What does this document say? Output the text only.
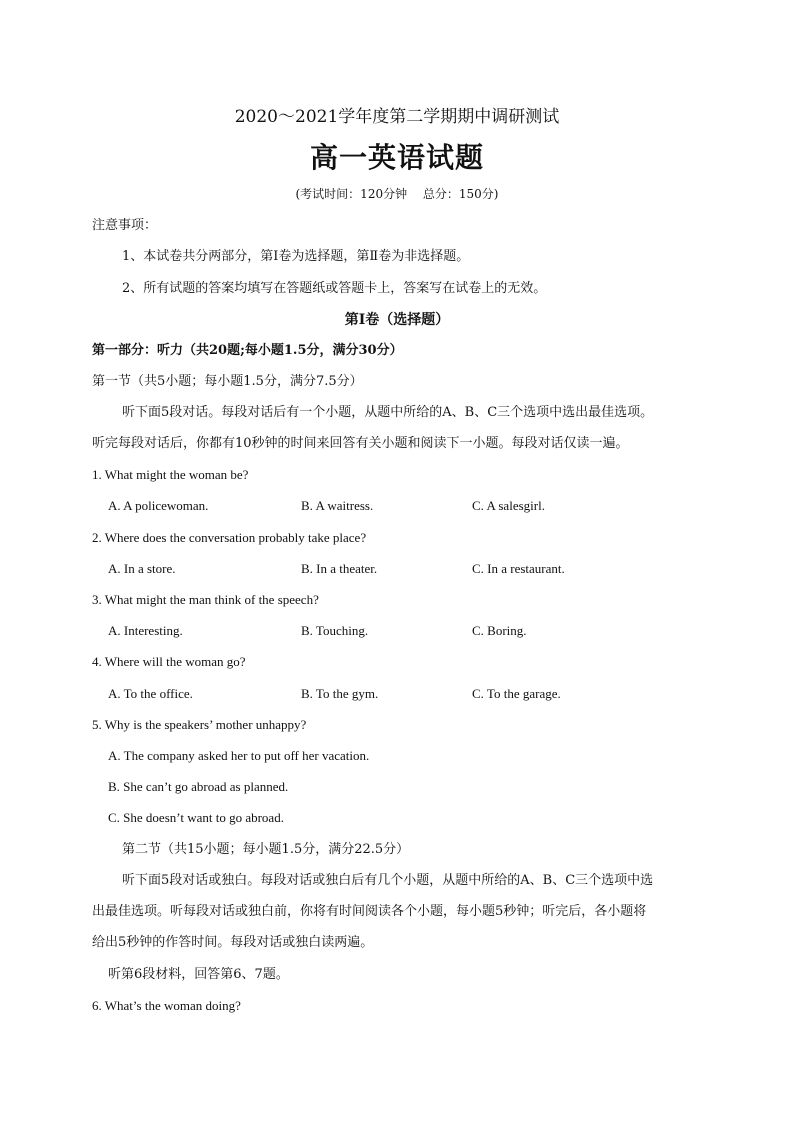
2020～2021学年度第二学期期中调研测试
高一英语试题
(考试时间：120分钟　 总分：150分)
注意事项：
1、本试卷共分两部分，第Ⅰ卷为选择题，第Ⅱ卷为非选择题。
2、所有试题的答案均填写在答题纸或答题卡上，答案写在试卷上的无效。
第Ⅰ卷（选择题）
第一部分：听力（共20题;每小题1.5分，满分30分）
第一节（共5小题；每小题1.5分，满分7.5分）
听下面5段对话。每段对话后有一个小题，从题中所给的A、B、C三个选项中选出最佳选项。
听完每段对话后，你都有10秒钟的时间来回答有关小题和阅读下一小题。每段对话仅读一遍。
1. What might the woman be?
A. A policewoman.	B. A waitress.	C. A salesgirl.
2. Where does the conversation probably take place?
A. In a store.	B. In a theater.	C. In a restaurant.
3. What might the man think of the speech?
A. Interesting.	B. Touching.	C. Boring.
4. Where will the woman go?
A. To the office.	B. To the gym.	C. To the garage.
5. Why is the speakers’ mother unhappy?
A. The company asked her to put off her vacation.
B. She can’t go abroad as planned.
C. She doesn’t want to go abroad.
第二节（共15小题；每小题1.5分，满分22.5分）
听下面5段对话或独白。每段对话或独白后有几个小题，从题中所给的A、B、C三个选项中选
出最佳选项。听每段对话或独白前，你将有时间阅读各个小题，每小题5秒钟；听完后，各小题将
给出5秒钟的作答时间。每段对话或独白读两遍。
听第6段材料，回答第6、7题。
6. What’s the woman doing?
